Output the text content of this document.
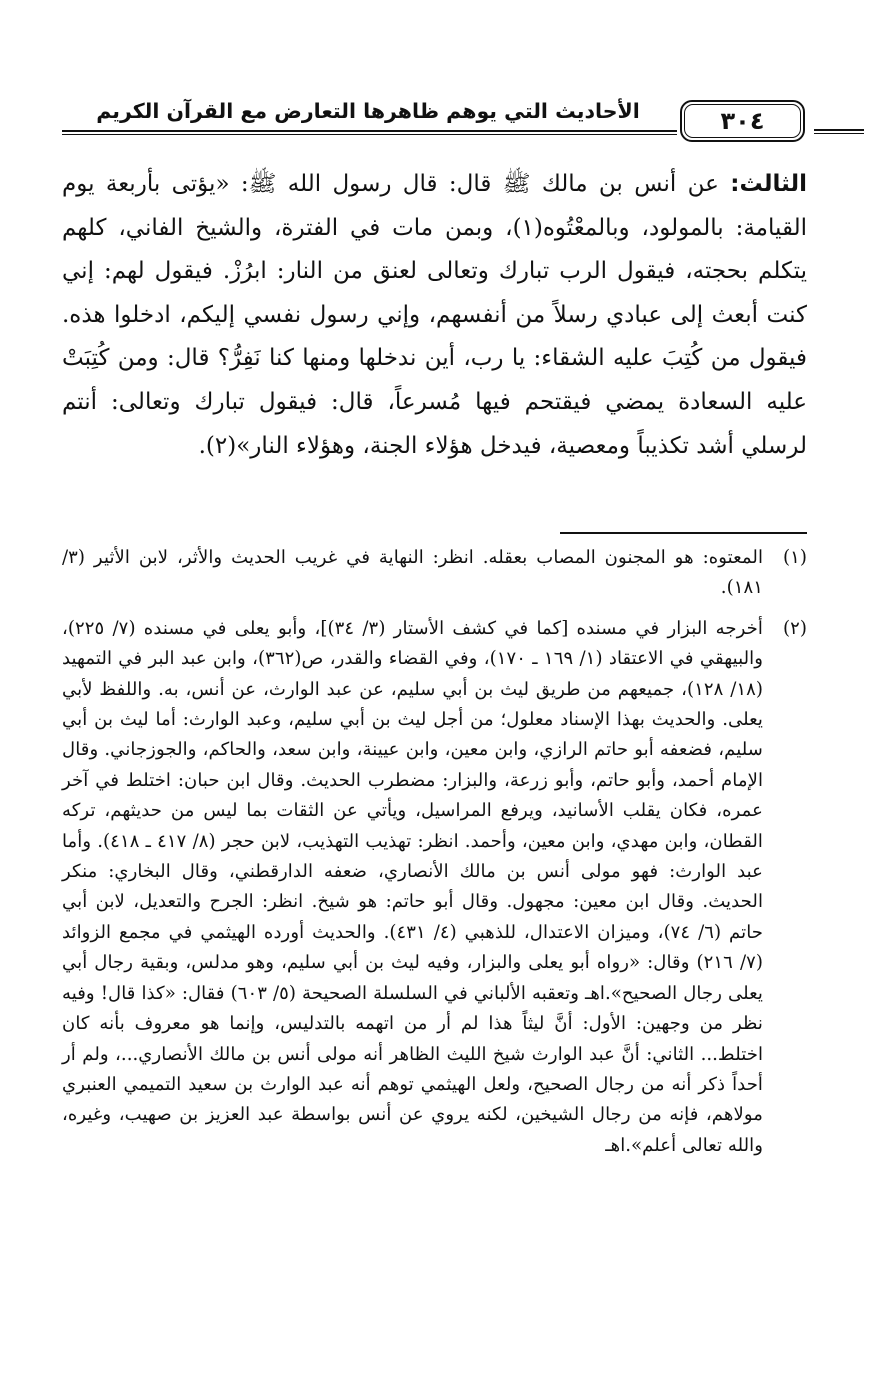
٣٠٤
الأحاديث التي يوهم ظاهرها التعارض مع القرآن الكريم

الثالث: عن أنس بن مالك ﷺ قال: قال رسول الله ﷺ: «يؤتى بأربعة يوم القيامة: بالمولود، وبالمعْتُوه(١)، وبمن مات في الفترة، والشيخ الفاني، كلهم يتكلم بحجته، فيقول الرب تبارك وتعالى لعنق من النار: ابرُزْ. فيقول لهم: إني كنت أبعث إلى عبادي رسلاً من أنفسهم، وإني رسول نفسي إليكم، ادخلوا هذه. فيقول من كُتِبَ عليه الشقاء: يا رب، أين ندخلها ومنها كنا نَفِرُّ؟ قال: ومن كُتِبَتْ عليه السعادة يمضي فيقتحم فيها مُسرعاً، قال: فيقول تبارك وتعالى: أنتم لرسلي أشد تكذيباً ومعصية، فيدخل هؤلاء الجنة، وهؤلاء النار»(٢).

(١)
المعتوه: هو المجنون المصاب بعقله. انظر: النهاية في غريب الحديث والأثر، لابن الأثير (٣/ ١٨١).
(٢)
أخرجه البزار في مسنده [كما في كشف الأستار (٣/ ٣٤)]، وأبو يعلى في مسنده (٧/ ٢٢٥)، والبيهقي في الاعتقاد (١/ ١٦٩ ـ ١٧٠)، وفي القضاء والقدر، ص(٣٦٢)، وابن عبد البر في التمهيد (١٨/ ١٢٨)، جميعهم من طريق ليث بن أبي سليم، عن عبد الوارث، عن أنس، به. واللفظ لأبي يعلى. والحديث بهذا الإسناد معلول؛ من أجل ليث بن أبي سليم، وعبد الوارث: أما ليث بن أبي سليم، فضعفه أبو حاتم الرازي، وابن معين، وابن عيينة، وابن سعد، والحاكم، والجوزجاني. وقال الإمام أحمد، وأبو حاتم، وأبو زرعة، والبزار: مضطرب الحديث. وقال ابن حبان: اختلط في آخر عمره، فكان يقلب الأسانيد، ويرفع المراسيل، ويأتي عن الثقات بما ليس من حديثهم، تركه القطان، وابن مهدي، وابن معين، وأحمد. انظر: تهذيب التهذيب، لابن حجر (٨/ ٤١٧ ـ ٤١٨). وأما عبد الوارث: فهو مولى أنس بن مالك الأنصاري، ضعفه الدارقطني، وقال البخاري: منكر الحديث. وقال ابن معين: مجهول. وقال أبو حاتم: هو شيخ. انظر: الجرح والتعديل، لابن أبي حاتم (٦/ ٧٤)، وميزان الاعتدال، للذهبي (٤/ ٤٣١). والحديث أورده الهيثمي في مجمع الزوائد (٧/ ٢١٦) وقال: «رواه أبو يعلى والبزار، وفيه ليث بن أبي سليم، وهو مدلس، وبقية رجال أبي يعلى رجال الصحيح».اهـ وتعقبه الألباني في السلسلة الصحيحة (٥/ ٦٠٣) فقال: «كذا قال! وفيه نظر من وجهين: الأول: أنَّ ليثاً هذا لم أر من اتهمه بالتدليس، وإنما هو معروف بأنه كان اختلط... الثاني: أنَّ عبد الوارث شيخ الليث الظاهر أنه مولى أنس بن مالك الأنصاري...، ولم أر أحداً ذكر أنه من رجال الصحيح، ولعل الهيثمي توهم أنه عبد الوارث بن سعيد التميمي العنبري مولاهم، فإنه من رجال الشيخين، لكنه يروي عن أنس بواسطة عبد العزيز بن صهيب، وغيره، والله تعالى أعلم».اهـ
